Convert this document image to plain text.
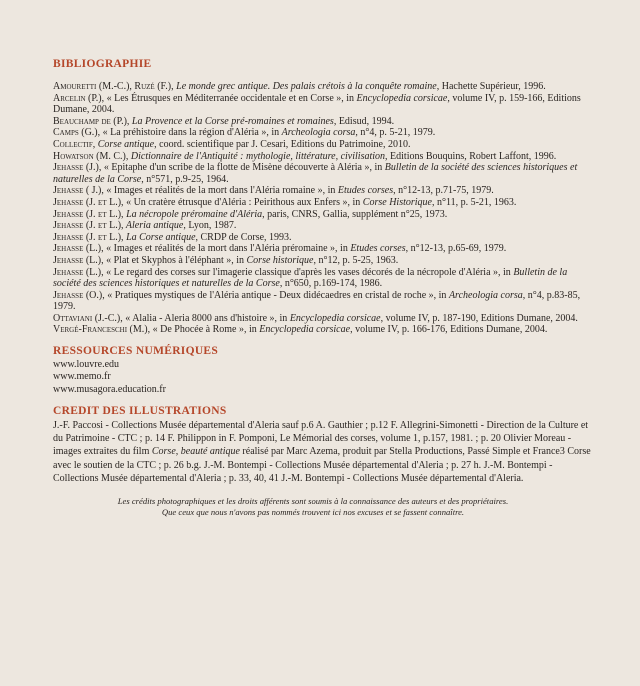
BIBLIOGRAPHIE
Amouretti (M.-C.), Ruzé (F.), Le monde grec antique. Des palais crétois à la conquête romaine, Hachette Supérieur, 1996.
Arcelin (P.), « Les Étrusques en Méditerranée occidentale et en Corse », in Encyclopedia corsicae, volume IV, p. 159-166, Editions Dumane, 2004.
Beauchamp de (P.), La Provence et la Corse pré-romaines et romaines, Edisud, 1994.
Camps (G.), « La préhistoire dans la région d'Aléria », in Archeologia corsa, n°4, p. 5-21, 1979.
Collectif, Corse antique, coord. scientifique par J. Cesari, Editions du Patrimoine, 2010.
Howatson (M. C.), Dictionnaire de l'Antiquité : mythologie, littérature, civilisation, Editions Bouquins, Robert Laffont, 1996.
Jehasse (J.), « Epitaphe d'un scribe de la flotte de Misène découverte à Aléria », in Bulletin de la société des sciences historiques et naturelles de la Corse, n°571, p.9-25, 1964.
Jehasse ( J.), « Images et réalités de la mort dans l'Aléria romaine », in Etudes corses, n°12-13, p.71-75, 1979.
Jehasse (J. et L.), « Un cratère étrusque d'Aléria : Peirithous aux Enfers », in Corse Historique, n°11, p. 5-21, 1963.
Jehasse (J. et L.), La nécropole préromaine d'Aléria, paris, CNRS, Gallia, supplément n°25, 1973.
Jehasse (J. et L.), Aleria antique, Lyon, 1987.
Jehasse (J. et L.), La Corse antique, CRDP de Corse, 1993.
Jehasse (L.), « Images et réalités de la mort dans l'Aléria préromaine », in Etudes corses, n°12-13, p.65-69, 1979.
Jehasse (L.), « Plat et Skyphos à l'éléphant », in Corse historique, n°12, p. 5-25, 1963.
Jehasse (L.), « Le regard des corses sur l'imagerie classique d'après les vases décorés de la nécropole d'Aléria », in Bulletin de la société des sciences historiques et naturelles de la Corse, n°650, p.169-174, 1986.
Jehasse (O.), « Pratiques mystiques de l'Aléria antique - Deux didécaedres en cristal de roche », in Archeologia corsa, n°4, p.83-85, 1979.
Ottaviani (J.-C.), « Alalia - Aleria 8000 ans d'histoire », in Encyclopedia corsicae, volume IV, p. 187-190, Editions Dumane, 2004.
Vergé-Franceschi (M.), « De Phocée à Rome », in Encyclopedia corsicae, volume IV, p. 166-176, Editions Dumane, 2004.
RESSOURCES NUMÉRIQUES
www.louvre.edu
www.memo.fr
www.musagora.education.fr
CREDIT DES ILLUSTRATIONS
J.-F. Paccosi - Collections Musée départemental d'Aleria sauf p.6 A. Gauthier ; p.12 F. Allegrini-Simonetti - Direction de la Culture et du Patrimoine - CTC ; p. 14 F. Philippon in F. Pomponi, Le Mémorial des corses, volume 1, p.157, 1981. ; p. 20 Olivier Moreau - images extraites du film Corse, beauté antique réalisé par Marc Azema, produit par Stella Productions, Passé Simple et France3 Corse avec le soutien de la CTC ; p. 26 b.g. J.-M. Bontempi - Collections Musée départemental d'Aleria ; p. 27 h. J.-M. Bontempi - Collections Musée départemental d'Aleria ; p. 33, 40, 41 J.-M. Bontempi - Collections Musée départemental d'Aleria.
Les crédits photographiques et les droits afférents sont soumis à la connaissance des auteurs et des propriétaires.
Que ceux que nous n'avons pas nommés trouvent ici nos excuses et se fassent connaître.
